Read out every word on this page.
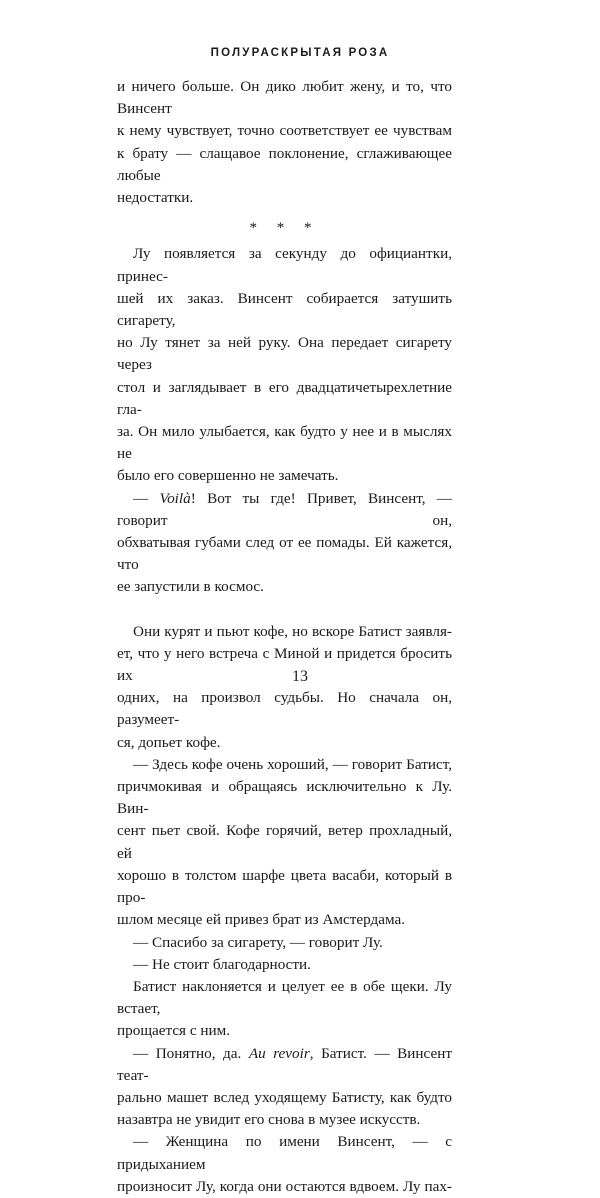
ПОЛУРАСКРЫТАЯ РОЗА

и ничего больше. Он дико любит жену, и то, что Винсент

к нему чувствует, точно соответствует ее чувствам

к брату — слащавое поклонение, сглаживающее любые

недостатки.

* * *

Лу появляется за секунду до официантки, принес-

шей их заказ. Винсент собирается затушить сигарету,

но Лу тянет за ней руку. Она передает сигарету через

стол и заглядывает в его двадцатичетырехлетние гла-

за. Он мило улыбается, как будто у нее и в мыслях не

было его совершенно не замечать.

— Voilà! Вот ты где! Привет, Винсент, — говорит он,

обхватывая губами след от ее помады. Ей кажется, что

ее запустили в космос.

Они курят и пьют кофе, но вскоре Батист заявля-

ет, что у него встреча с Миной и придется бросить их

одних, на произвол судьбы. Но сначала он, разумеет-

ся, допьет кофе.

— Здесь кофе очень хороший, — говорит Батист,

причмокивая и обращаясь исключительно к Лу. Вин-

сент пьет свой. Кофе горячий, ветер прохладный, ей

хорошо в толстом шарфе цвета васаби, который в про-

шлом месяце ей привез брат из Амстердама.

— Спасибо за сигарету, — говорит Лу.

— Не стоит благодарности.

Батист наклоняется и целует ее в обе щеки. Лу встает,

прощается с ним.

— Понятно, да. Au revoir, Батист. — Винсент теат-

рально машет вслед уходящему Батисту, как будто

назавтра не увидит его снова в музее искусств.

— Женщина по имени Винсент, — с придыханием

произносит Лу, когда они остаются вдвоем. Лу пах-

13
